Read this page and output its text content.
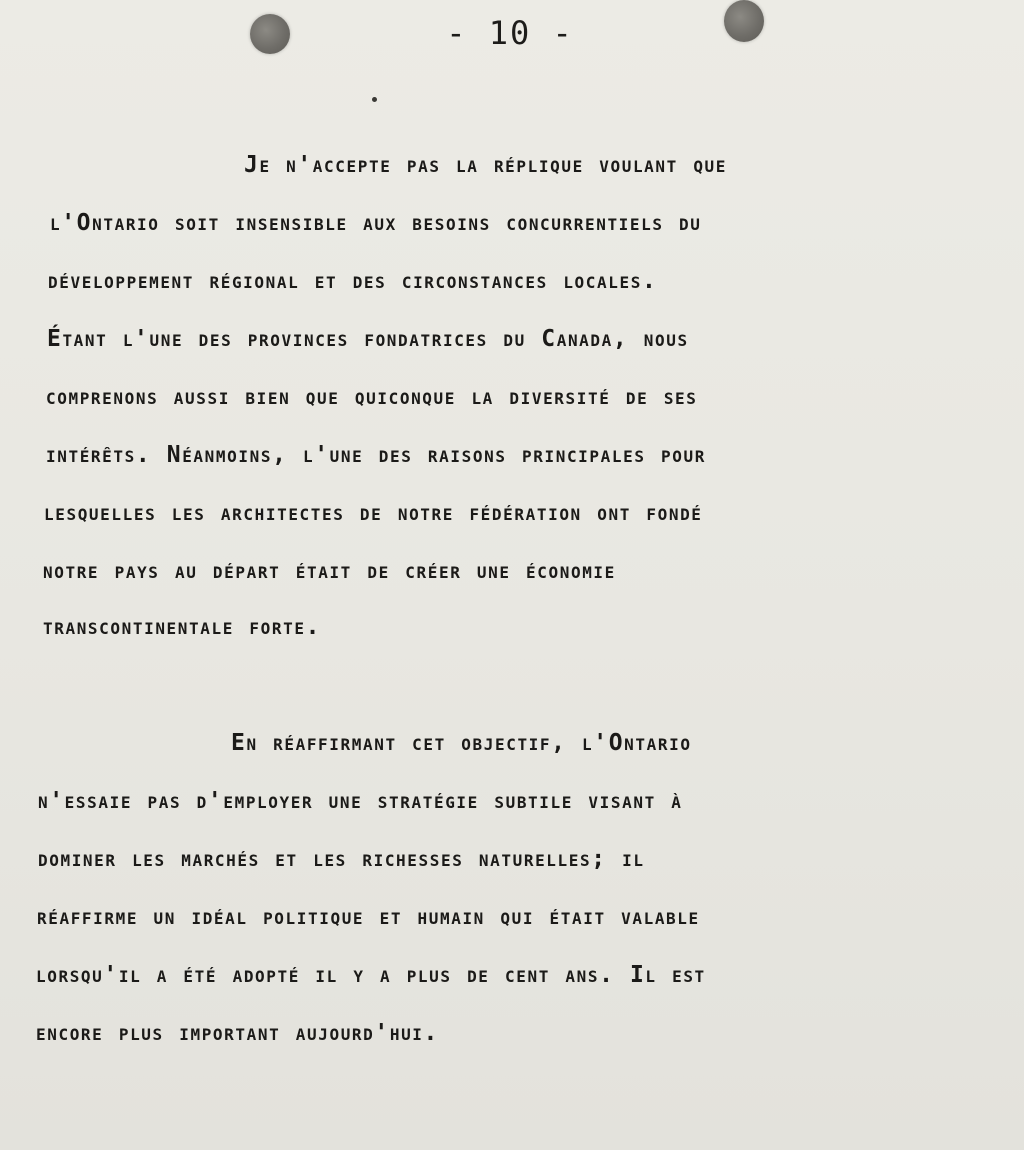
- 10 -
Je n'accepte pas la réplique voulant que
l'Ontario soit insensible aux besoins concurrentiels du
développement régional et des circonstances locales.
Étant l'une des provinces fondatrices du Canada, nous
comprenons aussi bien que quiconque la diversité de ses
intérêts. Néanmoins, l'une des raisons principales pour
lesquelles les architectes de notre fédération ont fondé
notre pays au départ était de créer une économie
transcontinentale forte.
En réaffirmant cet objectif, l'Ontario
n'essaie pas d'employer une stratégie subtile visant à
dominer les marchés et les richesses naturelles; il
réaffirme un idéal politique et humain qui était valable
lorsqu'il a été adopté il y a plus de cent ans. Il est
encore plus important aujourd'hui.
